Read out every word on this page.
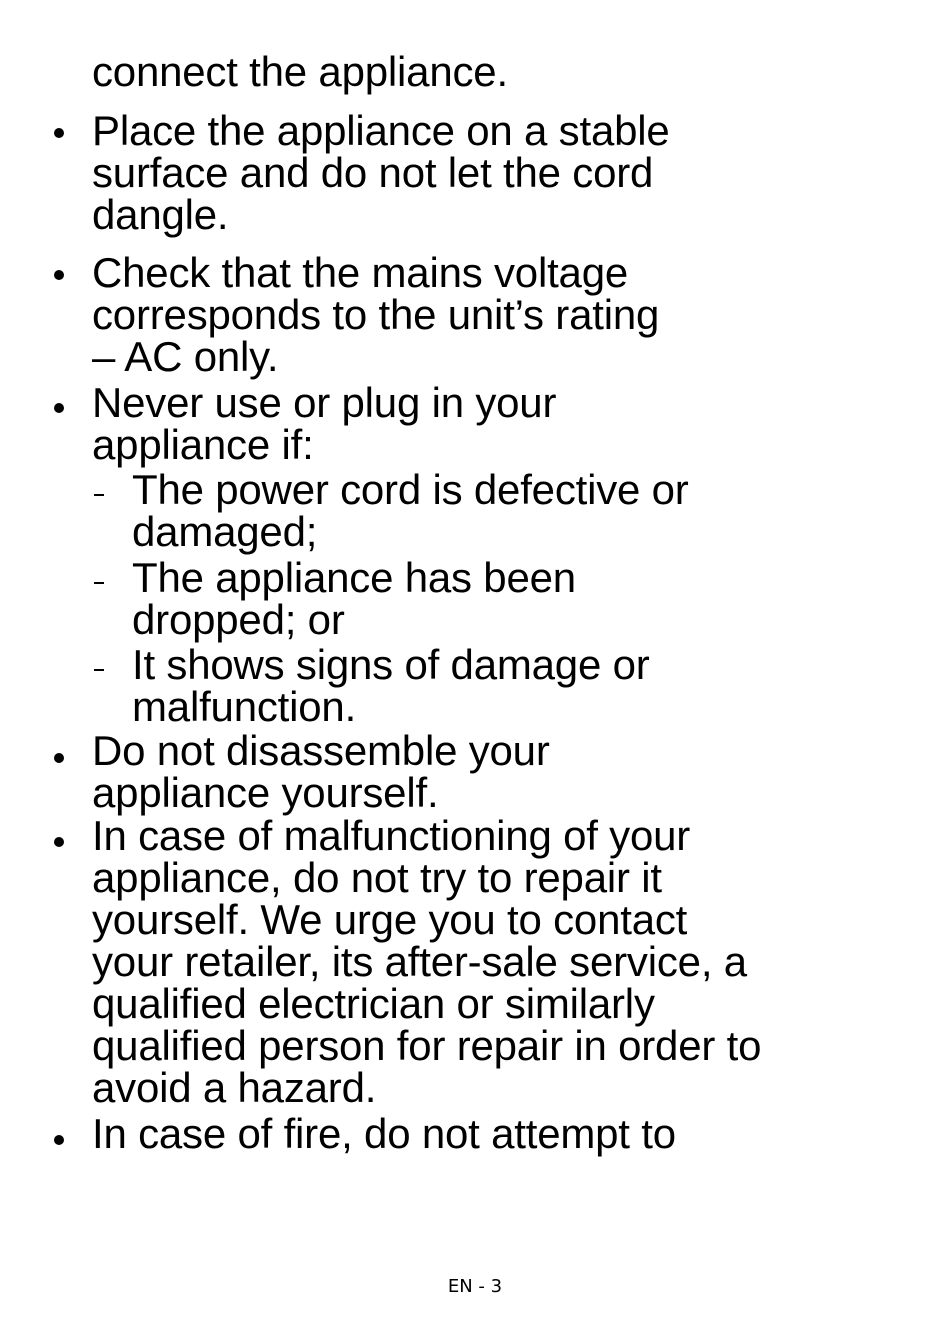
connect the appliance.

Place the appliance on a stable
surface and do not let the cord
dangle.

Check that the mains voltage
corresponds to the unit’s rating
– AC only.

Never use or plug in your
appliance if:

The power cord is defective or
damaged;

The appliance has been
dropped; or

It shows signs of damage or
malfunction.

Do not disassemble your
appliance yourself.

In case of malfunctioning of your
appliance, do not try to repair it
yourself. We urge you to contact
your retailer, its after-sale service, a
qualified electrician or similarly
qualified person for repair in order to
avoid a hazard.

In case of fire, do not attempt to

EN - 3
